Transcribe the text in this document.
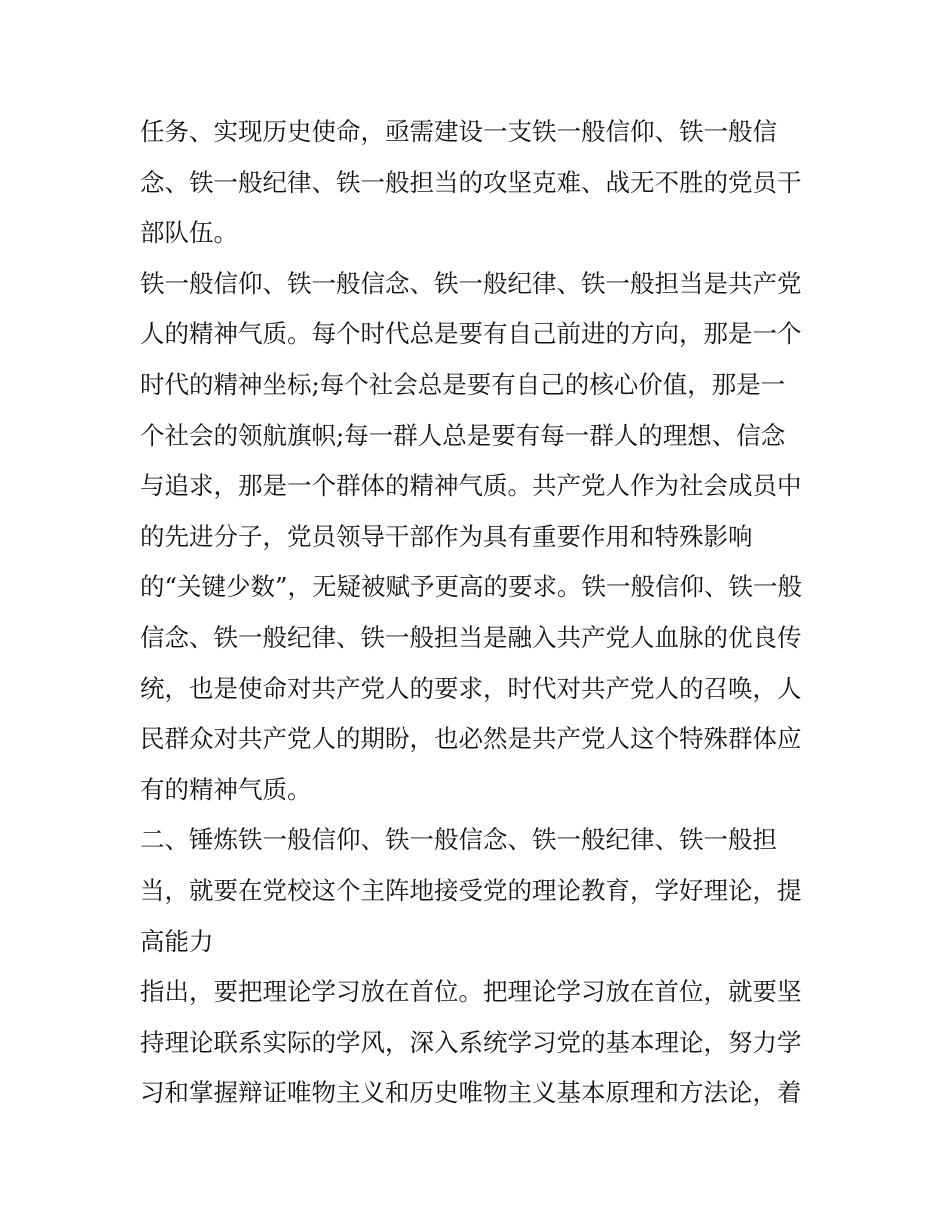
任务、实现历史使命，亟需建设一支铁一般信仰、铁一般信
念、铁一般纪律、铁一般担当的攻坚克难、战无不胜的党员干
部队伍。
铁一般信仰、铁一般信念、铁一般纪律、铁一般担当是共产党
人的精神气质。每个时代总是要有自己前进的方向，那是一个
时代的精神坐标;每个社会总是要有自己的核心价值，那是一
个社会的领航旗帜;每一群人总是要有每一群人的理想、信念
与追求，那是一个群体的精神气质。共产党人作为社会成员中
的先进分子，党员领导干部作为具有重要作用和特殊影响
的“关键少数”，无疑被赋予更高的要求。铁一般信仰、铁一般
信念、铁一般纪律、铁一般担当是融入共产党人血脉的优良传
统，也是使命对共产党人的要求，时代对共产党人的召唤，人
民群众对共产党人的期盼，也必然是共产党人这个特殊群体应
有的精神气质。
二、锤炼铁一般信仰、铁一般信念、铁一般纪律、铁一般担
当，就要在党校这个主阵地接受党的理论教育，学好理论，提
高能力
指出，要把理论学习放在首位。把理论学习放在首位，就要坚
持理论联系实际的学风，深入系统学习党的基本理论，努力学
习和掌握辩证唯物主义和历史唯物主义基本原理和方法论，着
